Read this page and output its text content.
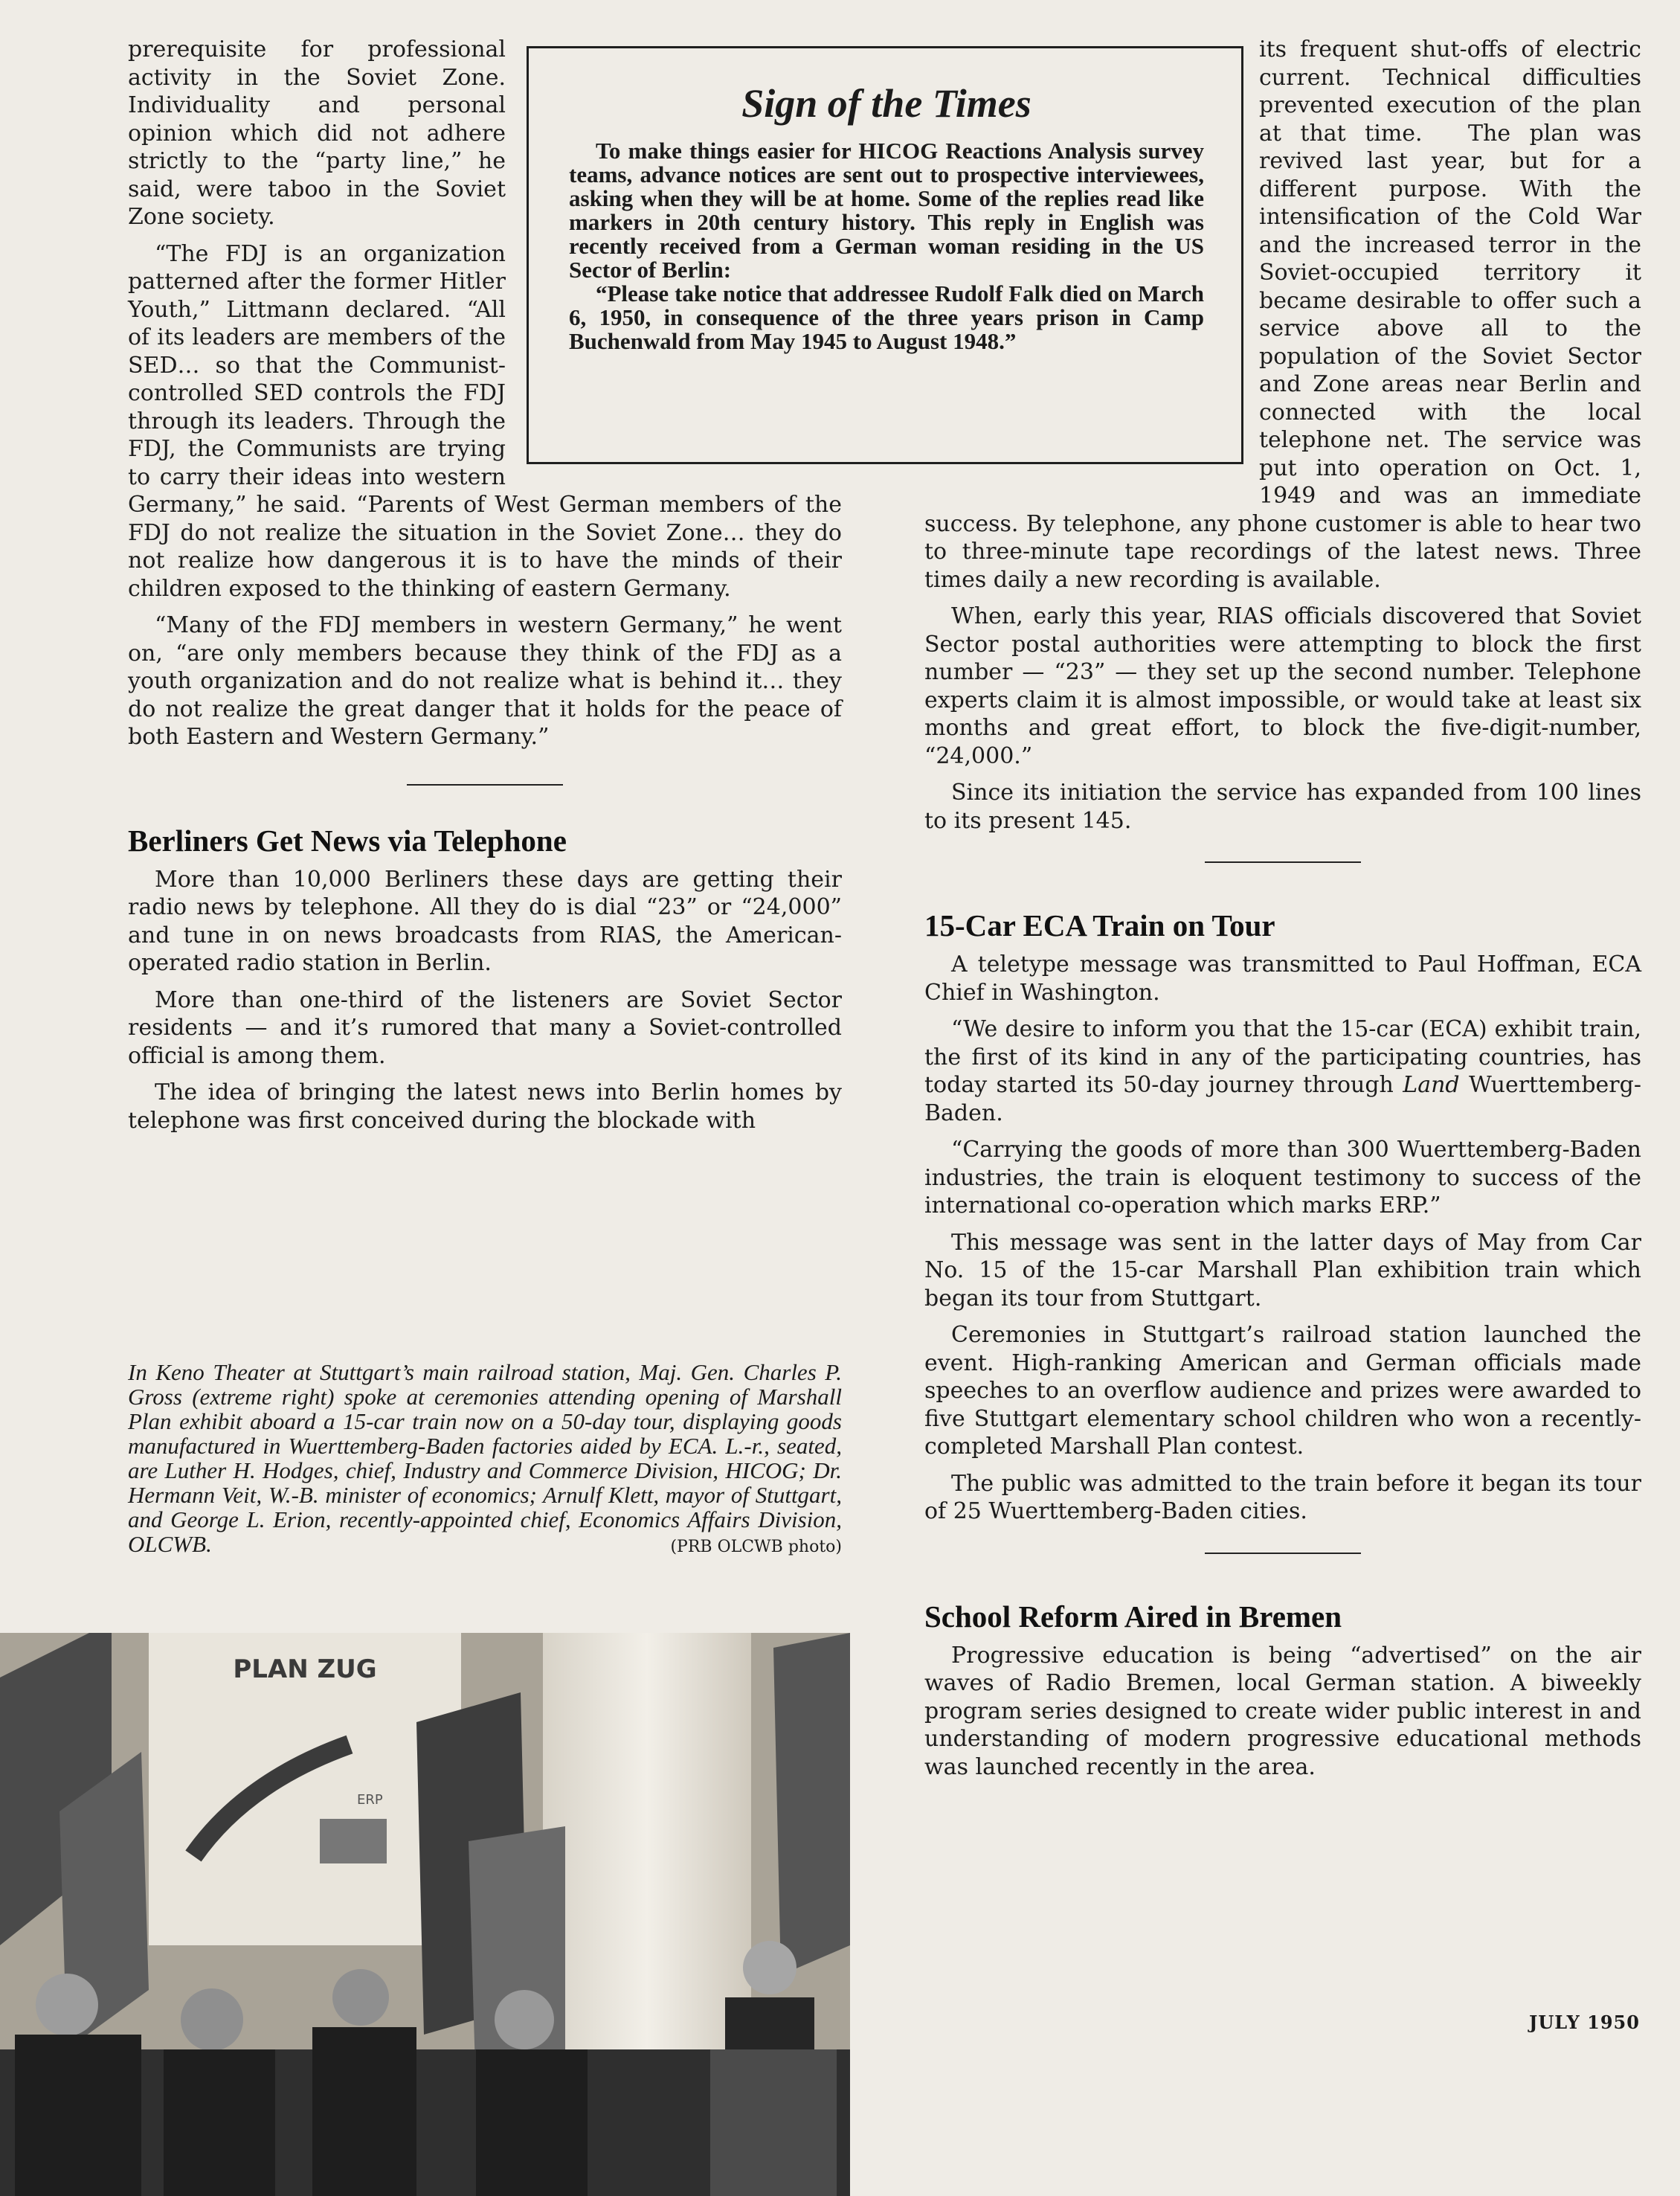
prerequisite for professional activity in the Soviet Zone. Individuality and personal opinion which did not adhere strictly to the “party line,” he said, were taboo in the Soviet Zone society.

“The FDJ is an organization patterned after the former Hitler Youth,” Littmann declared. “All of its leaders are members of the SED… so that the Communist-controlled SED controls the FDJ through its leaders. Through the FDJ, the Communists are trying to carry their ideas into western Germany,” he said. “Parents of West German members of the FDJ do not realize the situation in the Soviet Zone… they do not realize how dangerous it is to have the minds of their children exposed to the thinking of eastern Germany.

“Many of the FDJ members in western Germany,” he went on, “are only members because they think of the FDJ as a youth organization and do not realize what is behind it… they do not realize the great danger that it holds for the peace of both Eastern and Western Germany.”

Berliners Get News via Telephone

More than 10,000 Berliners these days are getting their radio news by telephone. All they do is dial “23” or “24,000” and tune in on news broadcasts from RIAS, the American-operated radio station in Berlin.

More than one-third of the listeners are Soviet Sector residents — and it’s rumored that many a Soviet-controlled official is among them.

The idea of bringing the latest news into Berlin homes by telephone was first conceived during the blockade with

Sign of the Times

To make things easier for HICOG Reactions Analysis survey teams, advance notices are sent out to prospective interviewees, asking when they will be at home. Some of the replies read like markers in 20th century history. This reply in English was recently received from a German woman residing in the US Sector of Berlin:

“Please take notice that addressee Rudolf Falk died on March 6, 1950, in consequence of the three years prison in Camp Buchenwald from May 1945 to August 1948.”

its frequent shut-offs of electric current. Technical difficulties prevented execution of the plan at that time. The plan was revived last year, but for a different purpose. With the intensification of the Cold War and the increased terror in the Soviet-occupied territory it became desirable to offer such a service above all to the population of the Soviet Sector and Zone areas near Berlin and connected with the local telephone net. The service was put into operation on Oct. 1, 1949 and was an immediate success. By telephone, any phone customer is able to hear two to three-minute tape recordings of the latest news. Three times daily a new recording is available.

When, early this year, RIAS officials discovered that Soviet Sector postal authorities were attempting to block the first number — “23” — they set up the second number. Telephone experts claim it is almost impossible, or would take at least six months and great effort, to block the five-digit-number, “24,000.”

Since its initiation the service has expanded from 100 lines to its present 145.

15-Car ECA Train on Tour

A teletype message was transmitted to Paul Hoffman, ECA Chief in Washington.

“We desire to inform you that the 15-car (ECA) exhibit train, the first of its kind in any of the participating countries, has today started its 50-day journey through Land Wuerttemberg-Baden.

“Carrying the goods of more than 300 Wuerttemberg-Baden industries, the train is eloquent testimony to success of the international co-operation which marks ERP.”

This message was sent in the latter days of May from Car No. 15 of the 15-car Marshall Plan exhibition train which began its tour from Stuttgart.

Ceremonies in Stuttgart’s railroad station launched the event. High-ranking American and German officials made speeches to an overflow audience and prizes were awarded to five Stuttgart elementary school children who won a recently-completed Marshall Plan contest.

The public was admitted to the train before it began its tour of 25 Wuerttemberg-Baden cities.

School Reform Aired in Bremen

Progressive education is being “advertised” on the air waves of Radio Bremen, local German station. A biweekly program series designed to create wider public interest in and understanding of modern progressive educational methods was launched recently in the area.

In Keno Theater at Stuttgart’s main railroad station, Maj. Gen. Charles P. Gross (extreme right) spoke at ceremonies attending opening of Marshall Plan exhibit aboard a 15-car train now on a 50-day tour, displaying goods manufactured in Wuerttemberg-Baden factories aided by ECA. L.-r., seated, are Luther H. Hodges, chief, Industry and Commerce Division, HICOG; Dr. Hermann Veit, W.-B. minister of economics; Arnulf Klett, mayor of Stuttgart, and George L. Erion, recently-appointed chief, Economics Affairs Division, OLCWB.	(PRB OLCWB photo)
PLAN ZUG
ERP
JULY 1950
